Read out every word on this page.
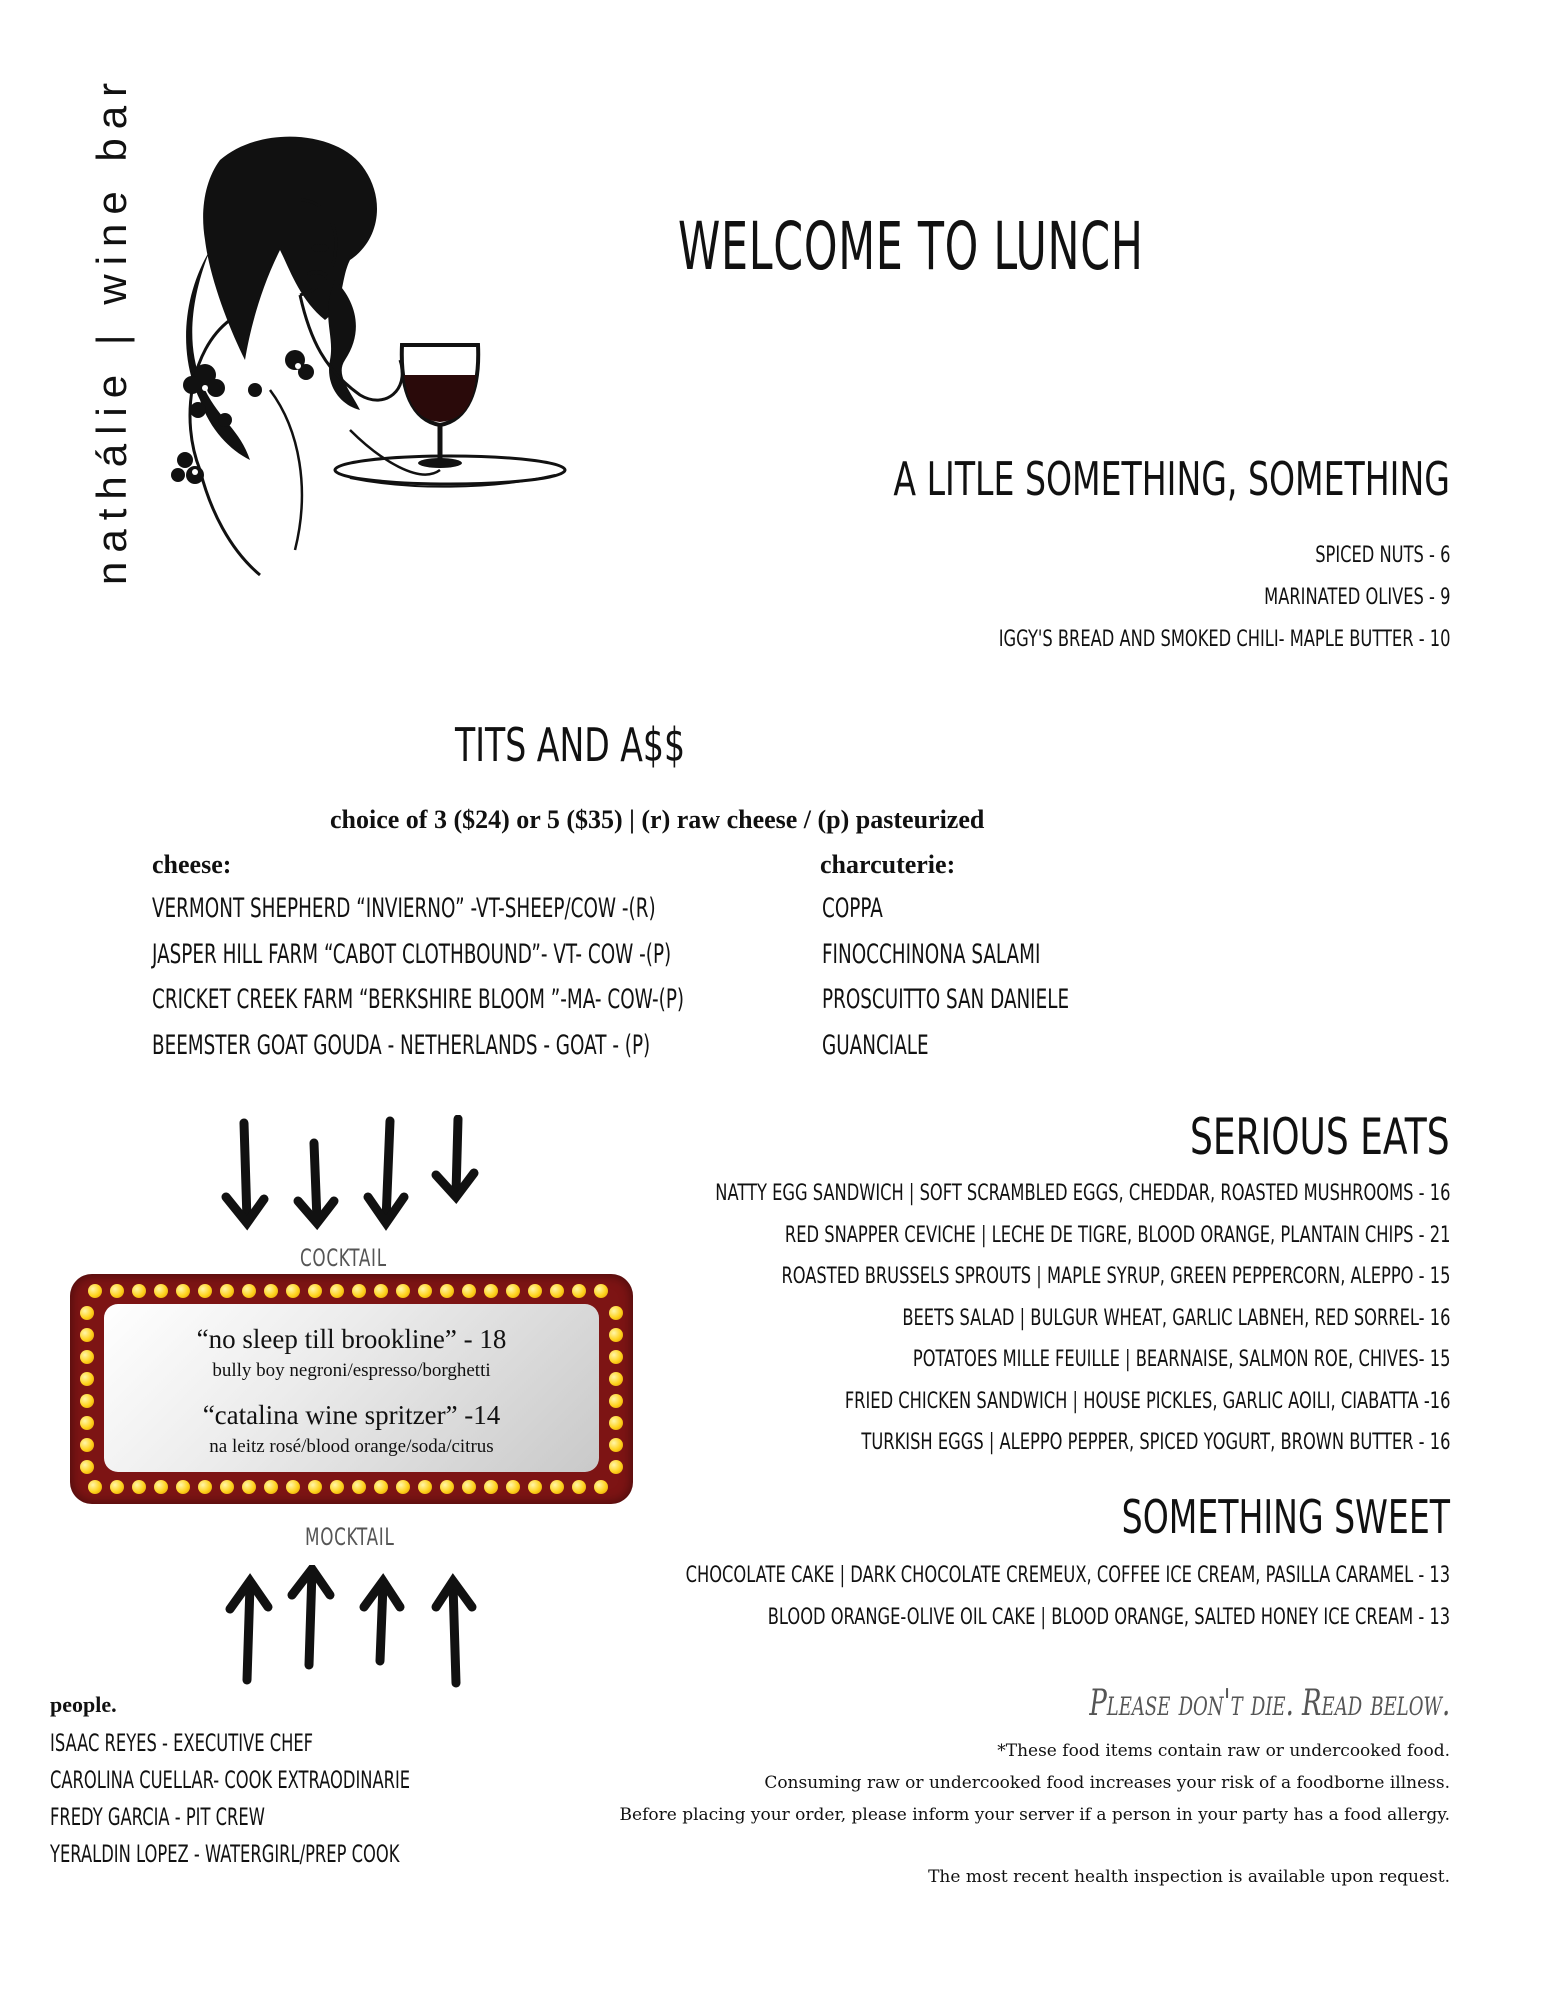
nathálie | wine bar	WELCOME TO LUNCH
A LITLE SOMETHING, SOMETHING
SPICED NUTS - 6
MARINATED OLIVES - 9
IGGY'S BREAD AND SMOKED CHILI- MAPLE BUTTER - 10
TITS AND A$$
choice of 3 ($24) or 5 ($35) | (r) raw cheese / (p) pasteurized
cheese:
VERMONT SHEPHERD “INVIERNO” -VT-SHEEP/COW -(R)
JASPER HILL FARM “CABOT CLOTHBOUND”- VT- COW -(P)
CRICKET CREEK FARM “BERKSHIRE BLOOM ”-MA- COW-(P)
BEEMSTER GOAT GOUDA - NETHERLANDS - GOAT - (P)
charcuterie:
COPPA
FINOCCHINONA SALAMI
PROSCUITTO SAN DANIELE
GUANCIALE
COCKTAIL
“no sleep till brookline” - 18
bully boy negroni/espresso/borghetti
“catalina wine spritzer” -14
na leitz rosé/blood orange/soda/citrus
MOCKTAIL
SERIOUS EATS
NATTY EGG SANDWICH | SOFT SCRAMBLED EGGS, CHEDDAR, ROASTED MUSHROOMS - 16
RED SNAPPER CEVICHE | LECHE DE TIGRE, BLOOD ORANGE, PLANTAIN CHIPS - 21
ROASTED BRUSSELS SPROUTS | MAPLE SYRUP, GREEN PEPPERCORN, ALEPPO - 15
BEETS SALAD | BULGUR WHEAT, GARLIC LABNEH, RED SORREL- 16
POTATOES MILLE FEUILLE | BEARNAISE, SALMON ROE, CHIVES- 15
FRIED CHICKEN SANDWICH | HOUSE PICKLES, GARLIC AOILI, CIABATTA -16
TURKISH EGGS | ALEPPO PEPPER, SPICED YOGURT, BROWN BUTTER - 16
SOMETHING SWEET
CHOCOLATE CAKE | DARK CHOCOLATE CREMEUX, COFFEE ICE CREAM, PASILLA CARAMEL - 13
BLOOD ORANGE-OLIVE OIL CAKE | BLOOD ORANGE, SALTED HONEY ICE CREAM - 13
Please don't die. Read below.
*These food items contain raw or undercooked food.
Consuming raw or undercooked food increases your risk of a foodborne illness.
Before placing your order, please inform your server if a person in your party has a food allergy.
The most recent health inspection is available upon request.
people.
ISAAC REYES - EXECUTIVE CHEF
CAROLINA CUELLAR- COOK EXTRAODINARIE
FREDY GARCIA - PIT CREW
YERALDIN LOPEZ - WATERGIRL/PREP COOK
